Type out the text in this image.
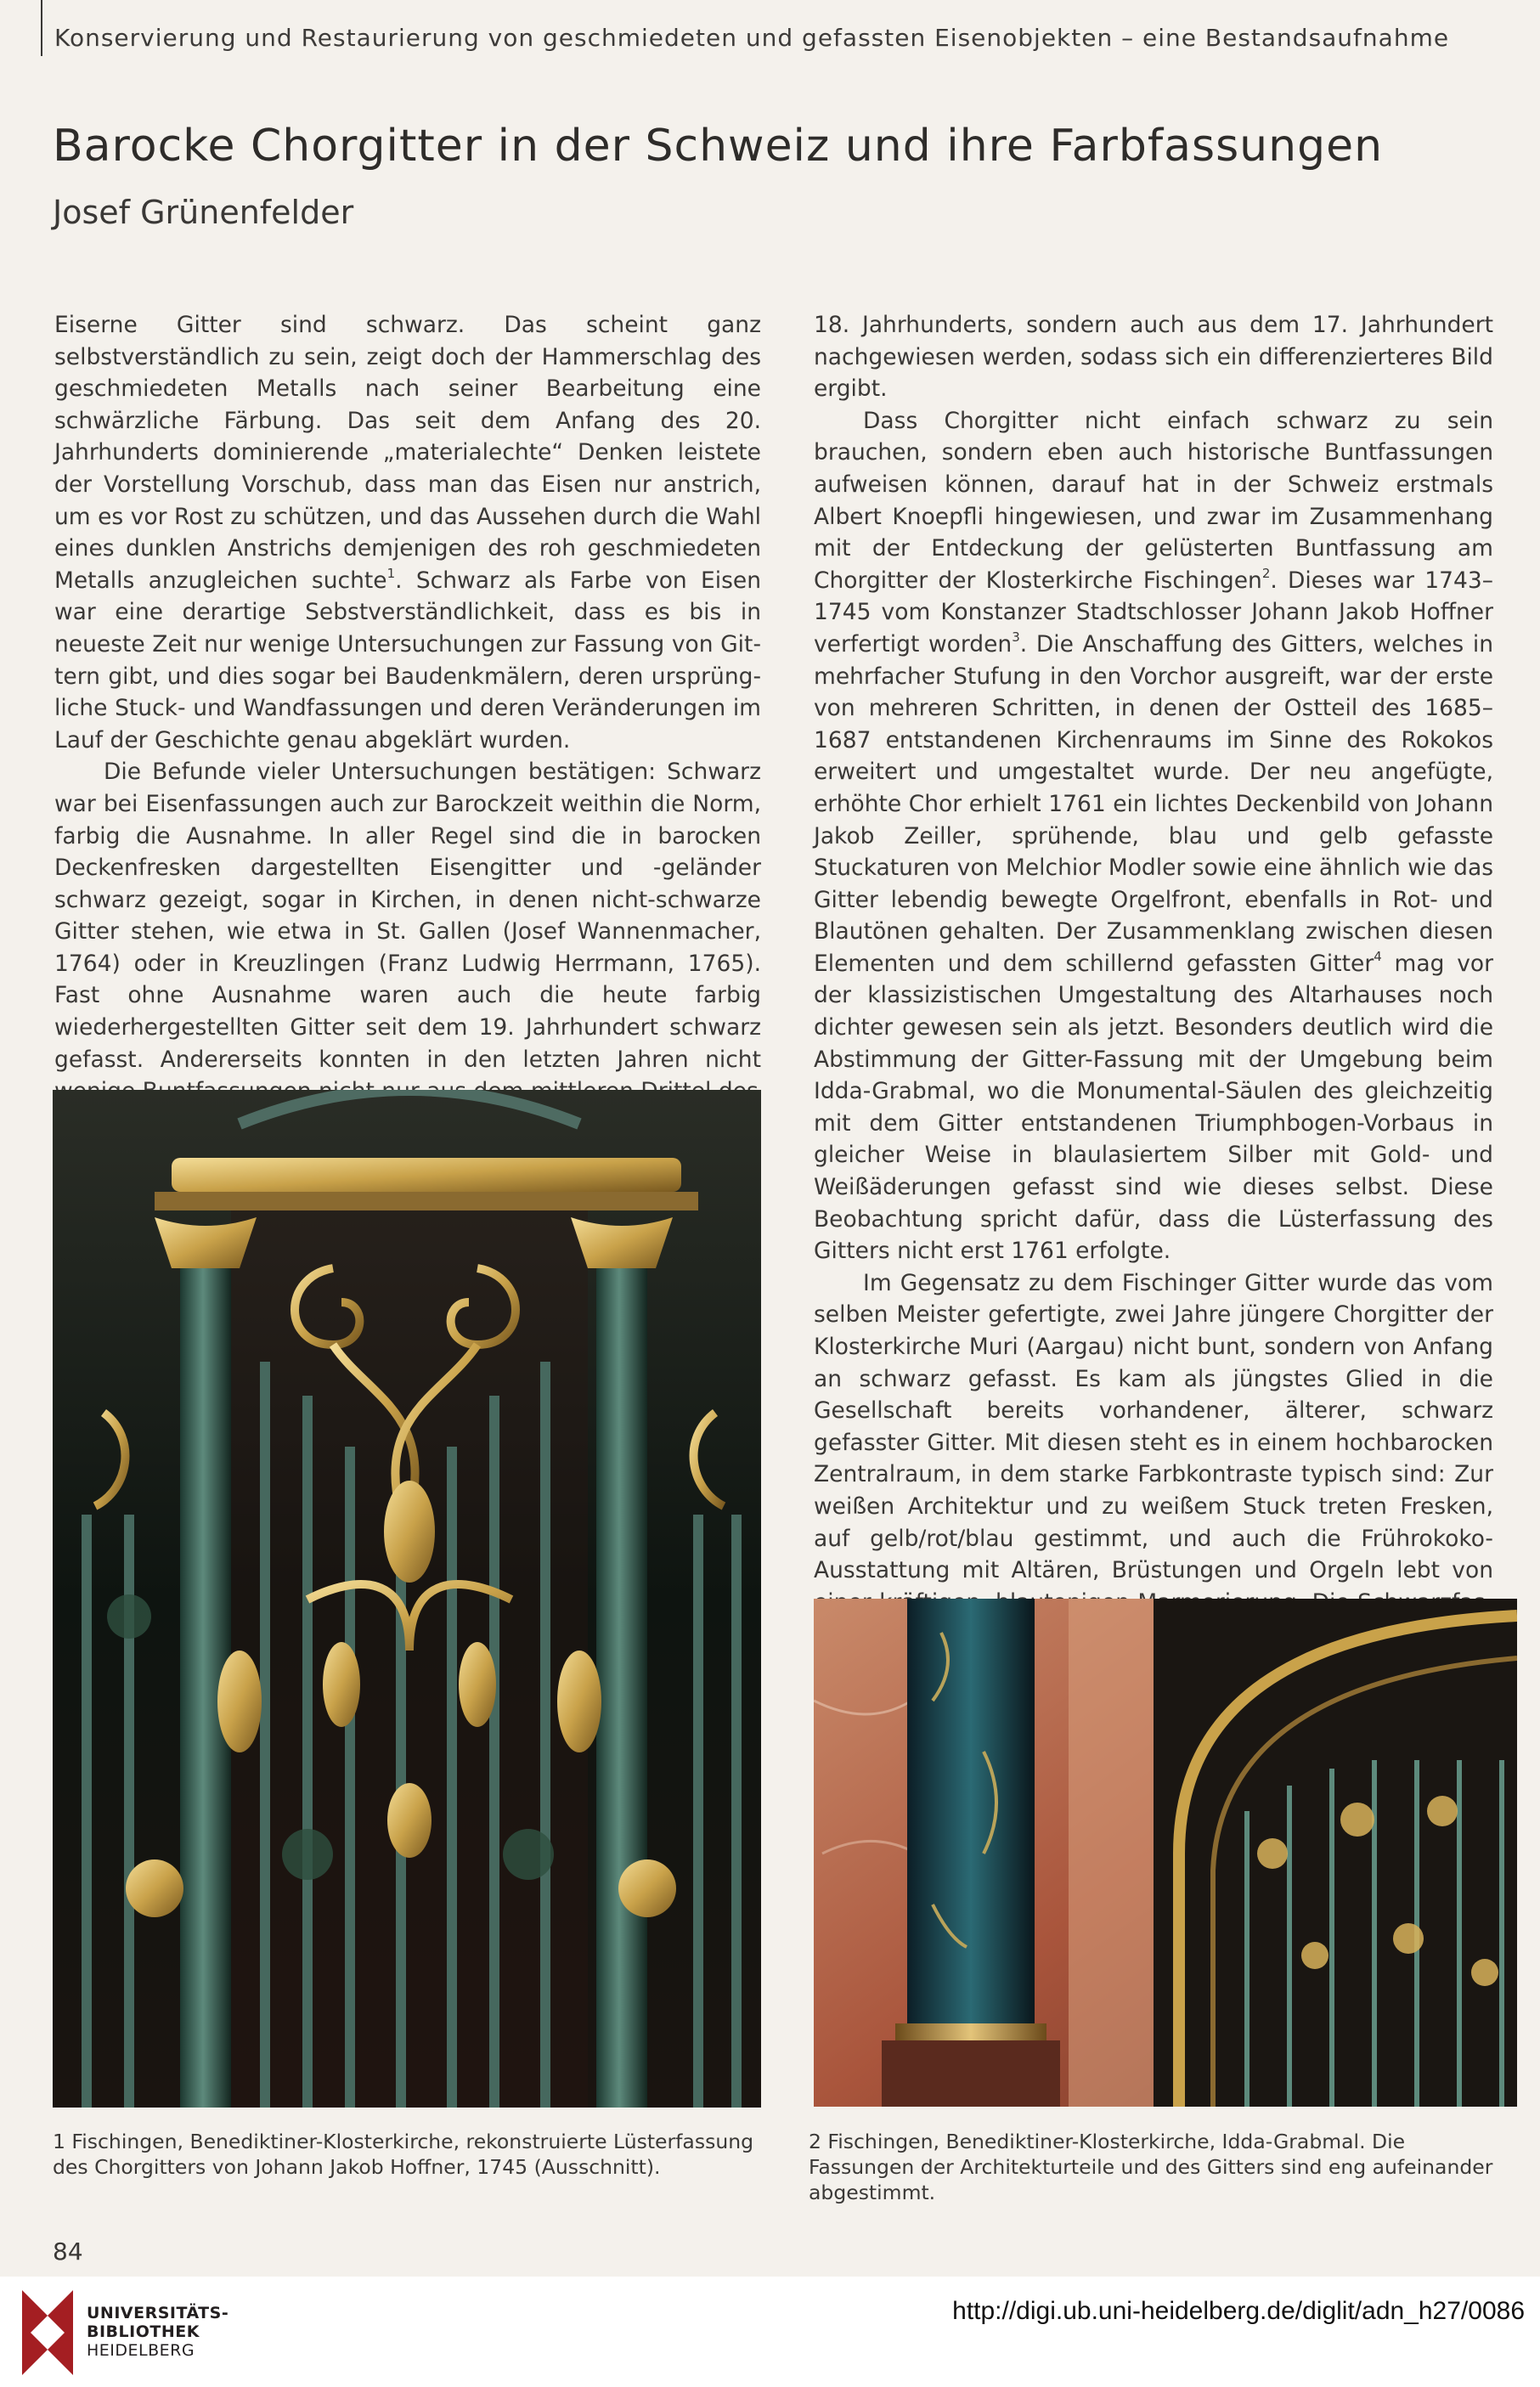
Konservierung und Restaurierung von geschmiedeten und gefassten Eisenobjekten – eine Bestandsaufnahme
Barocke Chorgitter in der Schweiz und ihre Farbfassungen
Josef Grünenfelder

Eiserne Gitter sind schwarz. Das scheint ganz selbstverständlich zu sein, zeigt doch der Hammerschlag des geschmiedeten Metalls nach seiner Bearbeitung eine schwärzliche Färbung. Das seit dem Anfang des 20. Jahrhunderts dominierende „materialechte“ Denken leistete der Vorstellung Vorschub, dass man das Eisen nur anstrich, um es vor Rost zu schützen, und das Aussehen durch die Wahl eines dunklen Anstrichs demjenigen des roh geschmiedeten Metalls anzugleichen suchte$^1$. Schwarz als Farbe von Eisen war eine derartige Sebstverständlichkeit, dass es bis in neueste Zeit nur wenige Untersuchungen zur Fassung von Gittern gibt, und dies sogar bei Baudenkmälern, deren ursprüngliche Stuck- und Wandfassungen und deren Veränderungen im Lauf der Geschichte genau abgeklärt wurden.

Die Befunde vieler Untersuchungen bestätigen: Schwarz war bei Eisenfassungen auch zur Barockzeit weithin die Norm, farbig die Ausnahme. In aller Regel sind die in barocken Deckenfresken dargestellten Eisengitter und -geländer schwarz gezeigt, sogar in Kirchen, in denen nicht-schwarze Gitter stehen, wie etwa in St. Gallen (Josef Wannenmacher, 1764) oder in Kreuzlingen (Franz Ludwig Herrmann, 1765). Fast ohne Ausnahme waren auch die heute farbig wiederhergestellten Gitter seit dem 19. Jahrhundert schwarz gefasst. Andererseits konnten in den letzten Jahren nicht

18. Jahrhunderts, sondern auch aus dem 17. Jahrhundert nachgewiesen werden, sodass sich ein differenzierteres Bild ergibt.

Dass Chorgitter nicht einfach schwarz zu sein brauchen, sondern eben auch historische Buntfassungen aufweisen können, darauf hat in der Schweiz erstmals Albert Knoepfli hingewiesen, und zwar im Zusammenhang mit der Entdeckung der gelüsterten Buntfassung am Chorgitter der Klosterkirche Fischingen$^2$. Dieses war 1743–1745 vom Konstanzer Stadtschlosser Johann Jakob Hoffner verfertigt worden$^3$. Die Anschaffung des Gitters, welches in mehrfacher Stufung in den Vorchor ausgreift, war der erste von mehreren Schritten, in denen der Ostteil des 1685–1687 entstandenen Kirchenraums im Sinne des Rokokos erweitert und umgestaltet wurde. Der neu angefügte, erhöhte Chor erhielt 1761 ein lichtes Deckenbild von Johann Jakob Zeiller, sprühende, blau und gelb gefasste Stuckaturen von Melchior Modler sowie eine ähnlich wie das Gitter lebendig bewegte Orgelfront, ebenfalls in Rot- und Blautönen gehalten. Der Zusammenklang zwischen diesen Elementen und dem schillernd gefassten Gitter$^4$ mag vor der klassizistischen Umgestaltung des Altarhauses noch dichter gewesen sein als jetzt. Besonders deutlich wird die Abstimmung der Gitter-Fassung mit der Umgebung beim Idda-Grabmal, wo die Monumental-Säulen des gleichzeitig mit dem Gitter entstandenen Triumphbogen-Vorbaus in gleicher Weise in blaulasiertem Silber mit Gold- und Weißäderungen gefasst sind wie dieses selbst. Diese Beobachtung spricht dafür, dass die Lüsterfassung des Gitters nicht erst 1761 erfolgte.

Im Gegensatz zu dem Fischinger Gitter wurde das vom selben Meister gefertigte, zwei Jahre jüngere Chorgitter der Klosterkirche Muri (Aargau) nicht bunt, sondern von Anfang an schwarz gefasst. Es kam als jüngstes Glied in die Gesellschaft bereits vorhandener, älterer, schwarz gefasster Gitter. Mit diesen steht es in einem hochbarocken Zentralraum, in dem starke Farbkontraste typisch sind: Zur weißen Architektur und zu weißem Stuck treten Fresken, auf gelb/rot/blau gestimmt, und auch die Frührokoko-Ausstattung mit Altären, Brüstungen und Orgeln lebt von

1 Fischingen, Benediktiner-Klosterkirche, rekonstruierte Lüsterfassung des Chorgitters von Johann Jakob Hoffner, 1745 (Ausschnitt).
2 Fischingen, Benediktiner-Klosterkirche, Idda-Grabmal. Die Fassungen der Architekturteile und des Gitters sind eng aufeinander abgestimmt.
84
UNIVERSITÄTS-
BIBLIOTHEK
HEIDELBERG
http://digi.ub.uni-heidelberg.de/diglit/adn_h27/0086
